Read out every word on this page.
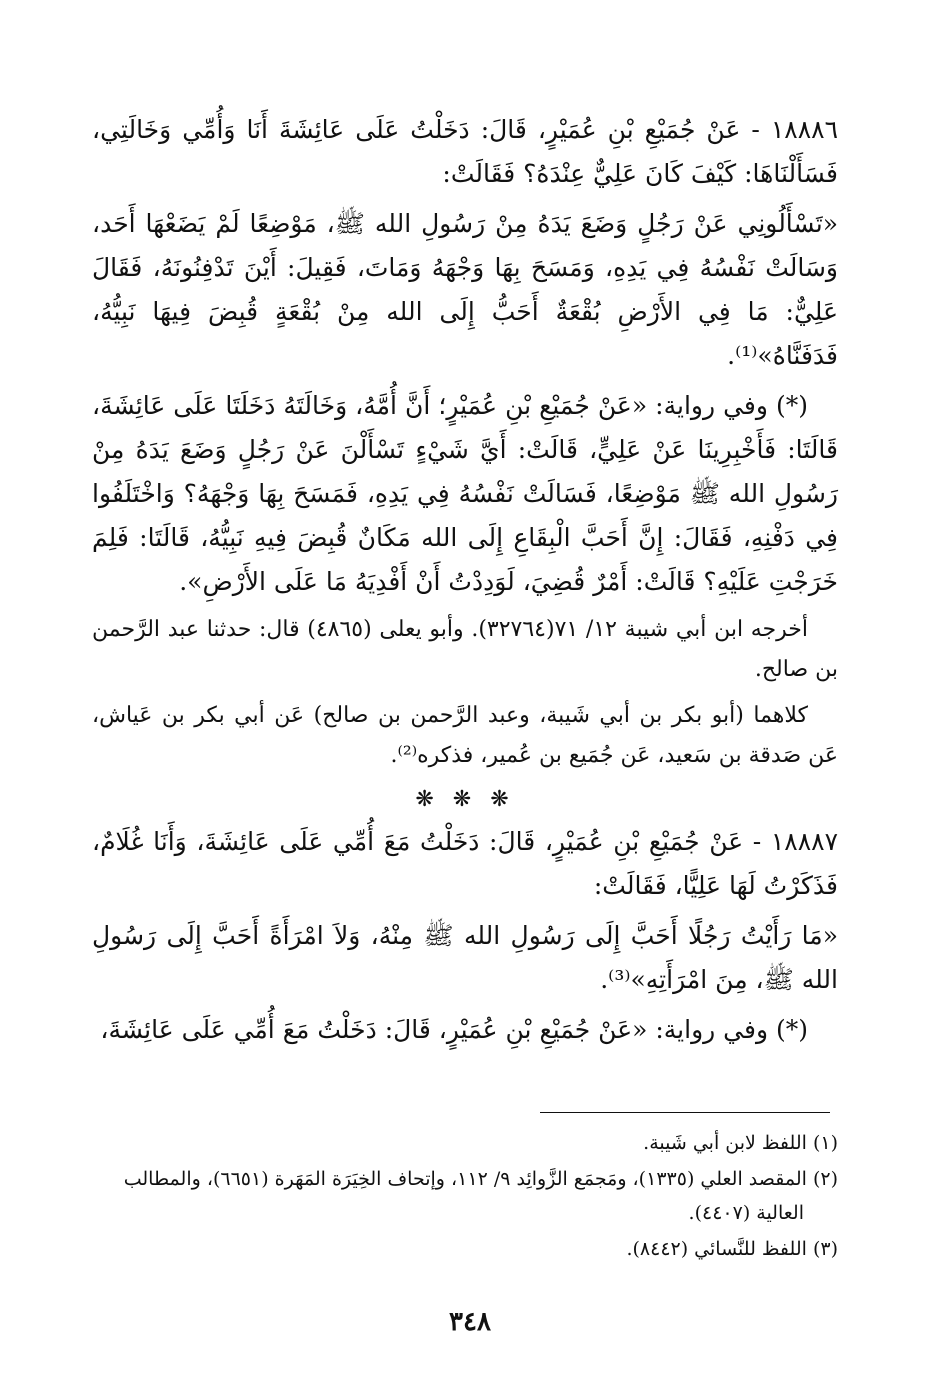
١٨٨٨٦ - عَنْ جُمَيْعِ بْنِ عُمَيْرٍ، قَالَ: دَخَلْتُ عَلَى عَائِشَةَ أَنَا وَأُمِّي وَخَالَتِي، فَسَأَلْنَاهَا: كَيْفَ كَانَ عَلِيٌّ عِنْدَهُ؟ فَقَالَتْ:

«تَسْأَلُونِي عَنْ رَجُلٍ وَضَعَ يَدَهُ مِنْ رَسُولِ الله ﷺ، مَوْضِعًا لَمْ يَضَعْهَا أَحَد، وَسَالَتْ نَفْسُهُ فِي يَدِهِ، وَمَسَحَ بِهَا وَجْهَهُ وَمَاتَ، فَقِيلَ: أَيْنَ تَدْفِنُونَهُ، فَقَالَ عَلِيٌّ: مَا فِي الأَرْضِ بُقْعَةٌ أَحَبُّ إِلَى الله مِنْ بُقْعَةٍ قُبِضَ فِيهَا نَبِيُّهُ، فَدَفَنَّاهُ»⁽¹⁾.

(*) وفي رواية: «عَنْ جُمَيْعِ بْنِ عُمَيْرٍ؛ أَنَّ أُمَّهُ، وَخَالَتَهُ دَخَلَتَا عَلَى عَائِشَةَ، قَالَتَا: فَأَخْبِرِينَا عَنْ عَلِيٍّ، قَالَتْ: أَيَّ شَيْءٍ تَسْأَلْنَ عَنْ رَجُلٍ وَضَعَ يَدَهُ مِنْ رَسُولِ الله ﷺ مَوْضِعًا، فَسَالَتْ نَفْسُهُ فِي يَدِهِ، فَمَسَحَ بِهَا وَجْهَهُ؟ وَاخْتَلَفُوا فِي دَفْنِهِ، فَقَالَ: إِنَّ أَحَبَّ الْبِقَاعِ إِلَى الله مَكَانٌ قُبِضَ فِيهِ نَبِيُّهُ، قَالَتَا: فَلِمَ خَرَجْتِ عَلَيْهِ؟ قَالَتْ: أَمْرٌ قُضِيَ، لَوَدِدْتُ أَنْ أَفْدِيَهُ مَا عَلَى الأَرْضِ».

أخرجه ابن أبي شيبة ١٢/ ٧١(٣٢٧٦٤). وأبو يعلى (٤٨٦٥) قال: حدثنا عبد الرَّحمن بن صالح.

كلاهما (أبو بكر بن أبي شَيبة، وعبد الرَّحمن بن صالح) عَن أبي بكر بن عَياش، عَن صَدقة بن سَعيد، عَن جُمَيع بن عُمير، فذكره⁽²⁾.

❋ ❋ ❋

١٨٨٨٧ - عَنْ جُمَيْعِ بْنِ عُمَيْرٍ، قَالَ: دَخَلْتُ مَعَ أُمِّي عَلَى عَائِشَةَ، وَأَنَا غُلَامٌ، فَذَكَرْتُ لَهَا عَلِيًّا، فَقَالَتْ:

«مَا رَأَيْتُ رَجُلًا أَحَبَّ إِلَى رَسُولِ الله ﷺ مِنْهُ، وَلاَ امْرَأَةً أَحَبَّ إِلَى رَسُولِ الله ﷺ، مِنَ امْرَأَتِهِ»⁽³⁾.

(*) وفي رواية: «عَنْ جُمَيْعِ بْنِ عُمَيْرٍ، قَالَ: دَخَلْتُ مَعَ أُمِّي عَلَى عَائِشَةَ،

(١) اللفظ لابن أبي شَيبة.

(٢) المقصد العلي (١٣٣٥)، ومَجمَع الزَّوائِد ٩/ ١١٢، وإتحاف الخِيَرَة المَهَرة (٦٦٥١)، والمطالب
العالية (٤٤٠٧).

(٣) اللفظ للنَّسائي (٨٤٤٢).

٣٤٨
